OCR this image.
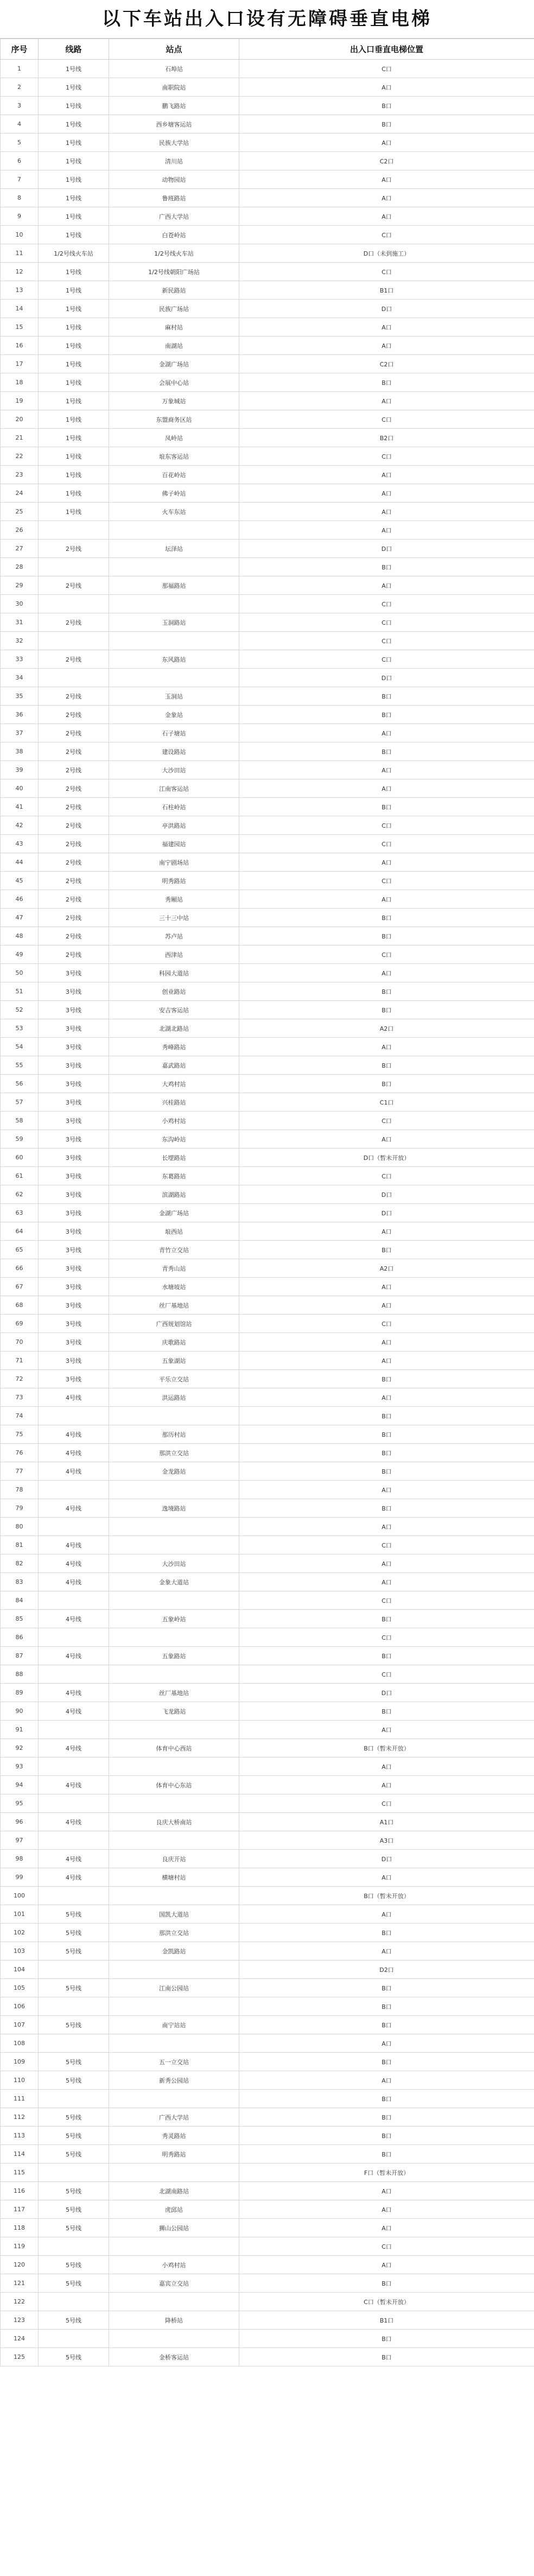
以下车站出入口设有无障碍垂直电梯
序号	线路	站点	出入口垂直电梯位置
1	1号线	石埠站	C口
2	1号线	南职院站	A口
3	1号线	鹏飞路站	B口
4	1号线	西乡塘客运站	B口
5	1号线	民族大学站	A口
6	1号线	清川站	C2口
7	1号线	动物园站	A口
8	1号线	鲁班路站	A口
9	1号线	广西大学站	A口
10	1号线	白苍岭站	C口
11	1/2号线火车站	1/2号线火车站	D口（未到施工）
12	1号线	1/2号线朝阳广场站	C口
13	1号线	新民路站	B1口
14	1号线	民族广场站	D口
15	1号线	麻村站	A口
16	1号线	南湖站	A口
17	1号线	金湖广场站	C2口
18	1号线	会展中心站	B口
19	1号线	万象城站	A口
20	1号线	东盟商务区站	C口
21	1号线	凤岭站	B2口
22	1号线	埌东客运站	C口
23	1号线	百花岭站	A口
24	1号线	佛子岭站	A口
25	1号线	火车东站	A口
26			A口
27	2号线	坛泽站	D口
28			B口
29	2号线	那福路站	A口
30			C口
31	2号线	玉洞路站	C口
32			C口
33	2号线	东风路站	C口
34			D口
35	2号线	玉洞站	B口
36	2号线	金象站	B口
37	2号线	石子塘站	A口
38	2号线	建设路站	B口
39	2号线	大沙田站	A口
40	2号线	江南客运站	A口
41	2号线	石柱岭站	B口
42	2号线	亭洪路站	C口
43	2号线	福建园站	C口
44	2号线	南宁剧场站	A口
45	2号线	明秀路站	C口
46	2号线	秀厢站	A口
47	2号线	三十三中站	B口
48	2号线	苏卢站	B口
49	2号线	西津站	C口
50	3号线	科园大道站	A口
51	3号线	创业路站	B口
52	3号线	安吉客运站	B口
53	3号线	北湖北路站	A2口
54	3号线	秀峰路站	A口
55	3号线	嘉武路站	B口
56	3号线	大鸡村站	B口
57	3号线	兴桂路站	C1口
58	3号线	小鸡村站	C口
59	3号线	东沟岭站	A口
60	3号线	长堽路站	D口（暂未开放）
61	3号线	东葛路站	C口
62	3号线	滨湖路站	D口
63	3号线	金湖广场站	D口
64	3号线	埌西站	A口
65	3号线	青竹立交站	B口
66	3号线	青秀山站	A2口
67	3号线	水塘坡站	A口
68	3号线	丝厂基地站	A口
69	3号线	广西规划馆站	C口
70	3号线	庆歌路站	A口
71	3号线	五象湖站	A口
72	3号线	平乐立交站	B口
73	4号线	洪运路站	A口
74			B口
75	4号线	那历村站	B口
76	4号线	那洪立交站	B口
77	4号线	金龙路站	B口
78			A口
79	4号线	逸境路站	B口
80			A口
81	4号线		C口
82	4号线	大沙田站	A口
83	4号线	金象大道站	A口
84			C口
85	4号线	五象岭站	B口
86			C口
87	4号线	五象路站	B口
88			C口
89	4号线	丝厂基地站	D口
90	4号线	飞龙路站	B口
91			A口
92	4号线	体育中心西站	B口（暂未开放）
93			A口
94	4号线	体育中心东站	A口
95			C口
96	4号线	良庆大桥南站	A1口
97			A3口
98	4号线	良庆开站	D口
99	4号线	横塘村站	A口
100			B口（暂未开放）
101	5号线	国凯大道站	A口
102	5号线	那洪立交站	B口
103	5号线	金凯路站	A口
104			D2口
105	5号线	江南公园站	B口
106			B口
107	5号线	南宁站站	B口
108			A口
109	5号线	五一立交站	B口
110	5号线	新秀公园站	A口
111			B口
112	5号线	广西大学站	B口
113	5号线	秀灵路站	B口
114	5号线	明秀路站	B口
115			F口（暂未开放）
116	5号线	北湖南路站	A口
117	5号线	虎邱站	A口
118	5号线	狮山公园站	A口
119			C口
120	5号线	小鸡村站	A口
121	5号线	嘉宾立交站	B口
122			C口（暂未开放）
123	5号线	降桥站	B1口
124			B口
125	5号线	金桥客运站	B口
